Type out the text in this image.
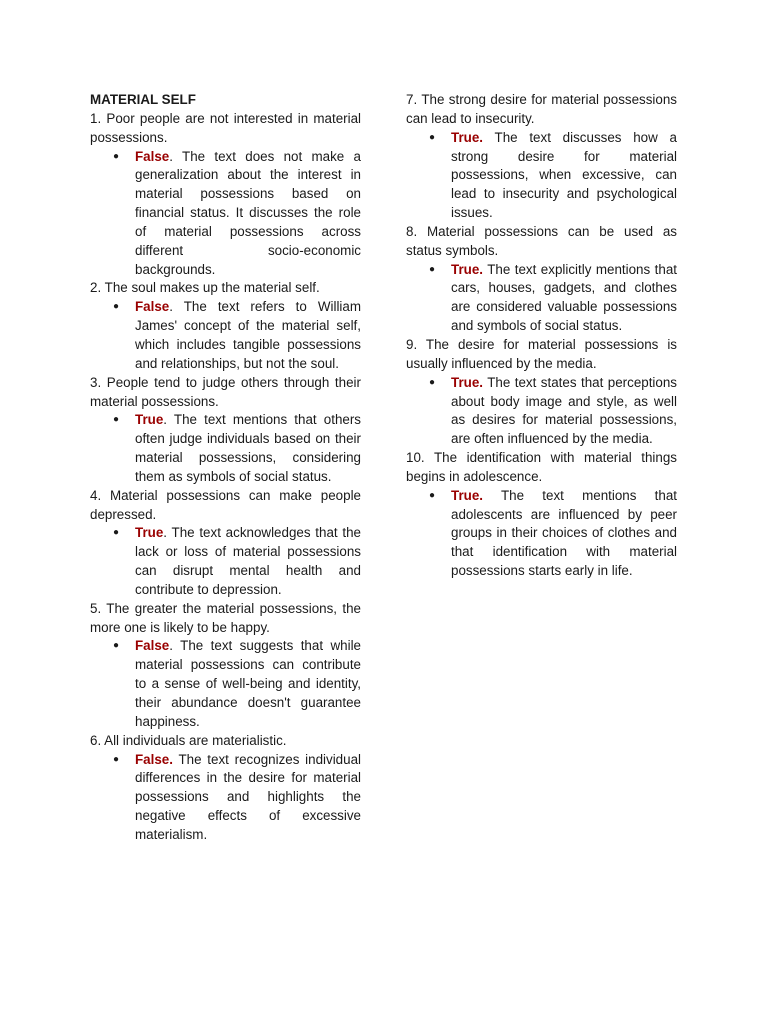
MATERIAL SELF

1. Poor people are not interested in material possessions.

● False. The text does not make a generalization about the interest in material possessions based on financial status. It discusses the role of material possessions across different socio-economic backgrounds.

2. The soul makes up the material self.

● False. The text refers to William James' concept of the material self, which includes tangible possessions and relationships, but not the soul.

3. People tend to judge others through their material possessions.

● True. The text mentions that others often judge individuals based on their material possessions, considering them as symbols of social status.

4. Material possessions can make people depressed.

● True. The text acknowledges that the lack or loss of material possessions can disrupt mental health and contribute to depression.

5. The greater the material possessions, the more one is likely to be happy.

● False. The text suggests that while material possessions can contribute to a sense of well-being and identity, their abundance doesn't guarantee happiness.

6. All individuals are materialistic.

● False. The text recognizes individual differences in the desire for material possessions and highlights the negative effects of excessive materialism.

7. The strong desire for material possessions can lead to insecurity.

● True. The text discusses how a strong desire for material possessions, when excessive, can lead to insecurity and psychological issues.

8. Material possessions can be used as status symbols.

● True. The text explicitly mentions that cars, houses, gadgets, and clothes are considered valuable possessions and symbols of social status.

9. The desire for material possessions is usually influenced by the media.

● True. The text states that perceptions about body image and style, as well as desires for material possessions, are often influenced by the media.

10. The identification with material things begins in adolescence.

● True. The text mentions that adolescents are influenced by peer groups in their choices of clothes and that identification with material possessions starts early in life.
